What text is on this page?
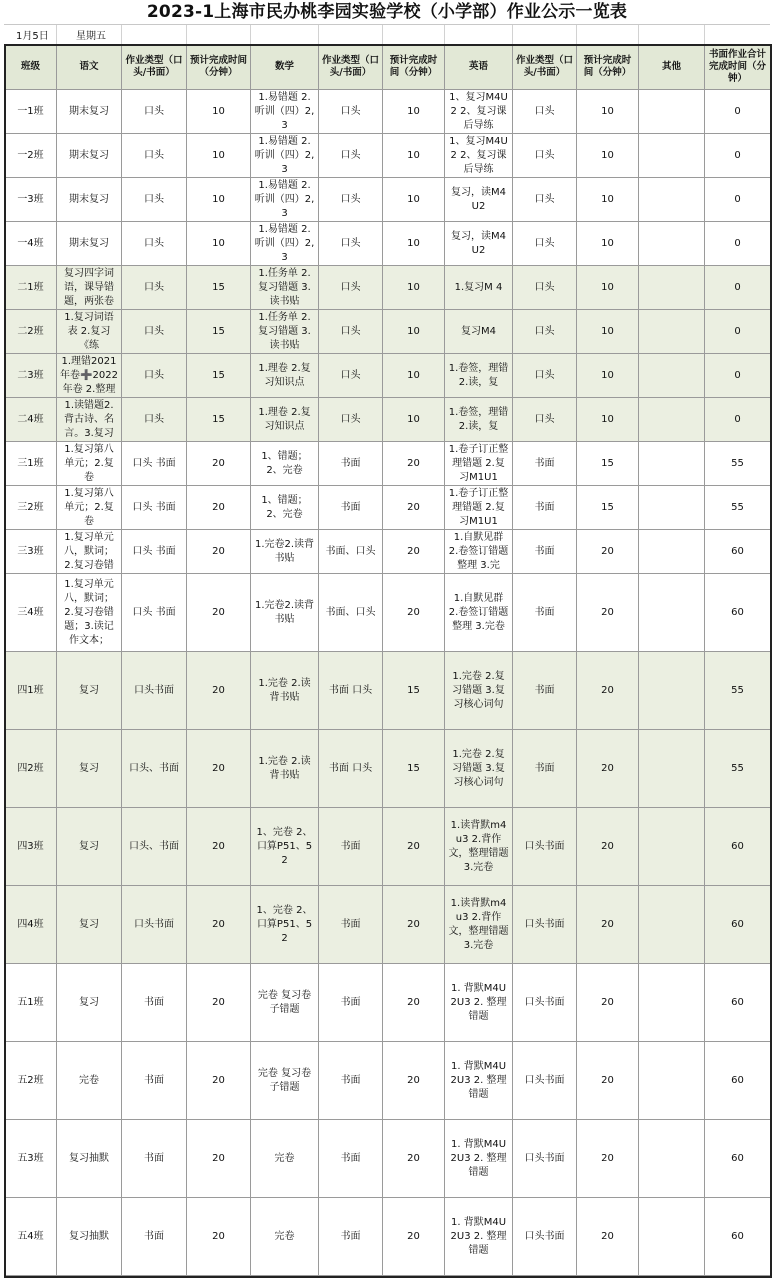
2023-1上海市民办桃李园实验学校（小学部）作业公示一览表
1月5日	星期五
班级	语文	作业类型（口头/书面）	预计完成时间（分钟）	数学	作业类型（口头/书面）	预计完成时间（分钟）	英语	作业类型（口头/书面）	预计完成时间（分钟）	其他	书面作业合计完成时间（分钟）

一1班	期末复习	口头	10	1.易错题 2.听训（四）2,3	口头	10	1、复习M4U2 2、复习课后导练	口头	10		0

一2班	期末复习	口头	10	1.易错题 2.听训（四）2,3	口头	10	1、复习M4U2 2、复习课后导练	口头	10		0

一3班	期末复习	口头	10	1.易错题 2.听训（四）2,3	口头	10	复习，读M4U2	口头	10		0

一4班	期末复习	口头	10	1.易错题 2.听训（四）2,3	口头	10	复习，读M4U2	口头	10		0

二1班	复习四字词语，课导错题，两张卷	口头	15	1.任务单 2.复习错题 3.读书贴	口头	10	1.复习M 4	口头	10		0

二2班	1.复习词语表 2.复习《练	口头	15	1.任务单 2.复习错题 3.读书贴	口头	10	复习M4	口头	10		0

二3班	1.理错2021年卷➕2022年卷 2.整理	口头	15	1.理卷 2.复习知识点	口头	10	1.卷签，理错 2.读，复	口头	10		0

二4班	1.读错题2.背古诗、名言。3.复习	口头	15	1.理卷 2.复习知识点	口头	10	1.卷签，理错 2.读，复	口头	10		0

三1班	1.复习第八单元；2.复卷	口头 书面	20	1、错题；2、完卷	书面	20	1.卷子订正整理错题 2.复习M1U1	书面	15		55

三2班	1.复习第八单元；2.复卷	口头 书面	20	1、错题；2、完卷	书面	20	1.卷子订正整理错题 2.复习M1U1	书面	15		55

三3班	1.复习单元八，默词；2.复习卷错	口头 书面	20	1.完卷2.读背书贴	书面、口头	20	1.自默见群 2.卷签订错题整理 3.完	书面	20		60

三4班	1.复习单元八，默词；2.复习卷错题；3.读记作文本；	口头 书面	20	1.完卷2.读背书贴	书面、口头	20	1.自默见群 2.卷签订错题整理 3.完卷	书面	20		60

四1班	复习	口头书面	20	1.完卷 2.读背书贴	书面 口头	15	1.完卷 2.复习错题 3.复习核心词句	书面	20		55

四2班	复习	口头、书面	20	1.完卷 2.读背书贴	书面 口头	15	1.完卷 2.复习错题 3.复习核心词句	书面	20		55

四3班	复习	口头、书面	20	1、完卷 2、口算P51、52	书面	20	1.读背默m4u3 2.背作文，整理错题 3.完卷	口头书面	20		60

四4班	复习	口头书面	20	1、完卷 2、口算P51、52	书面	20	1.读背默m4u3 2.背作文，整理错题 3.完卷	口头书面	20		60

五1班	复习	书面	20	完卷 复习卷子错题	书面	20	1. 背默M4U2U3 2. 整理错题	口头书面	20		60

五2班	完卷	书面	20	完卷 复习卷子错题	书面	20	1. 背默M4U2U3 2. 整理错题	口头书面	20		60

五3班	复习抽默	书面	20	完卷	书面	20	1. 背默M4U2U3 2. 整理错题	口头书面	20		60

五4班	复习抽默	书面	20	完卷	书面	20	1. 背默M4U2U3 2. 整理错题	口头书面	20		60
